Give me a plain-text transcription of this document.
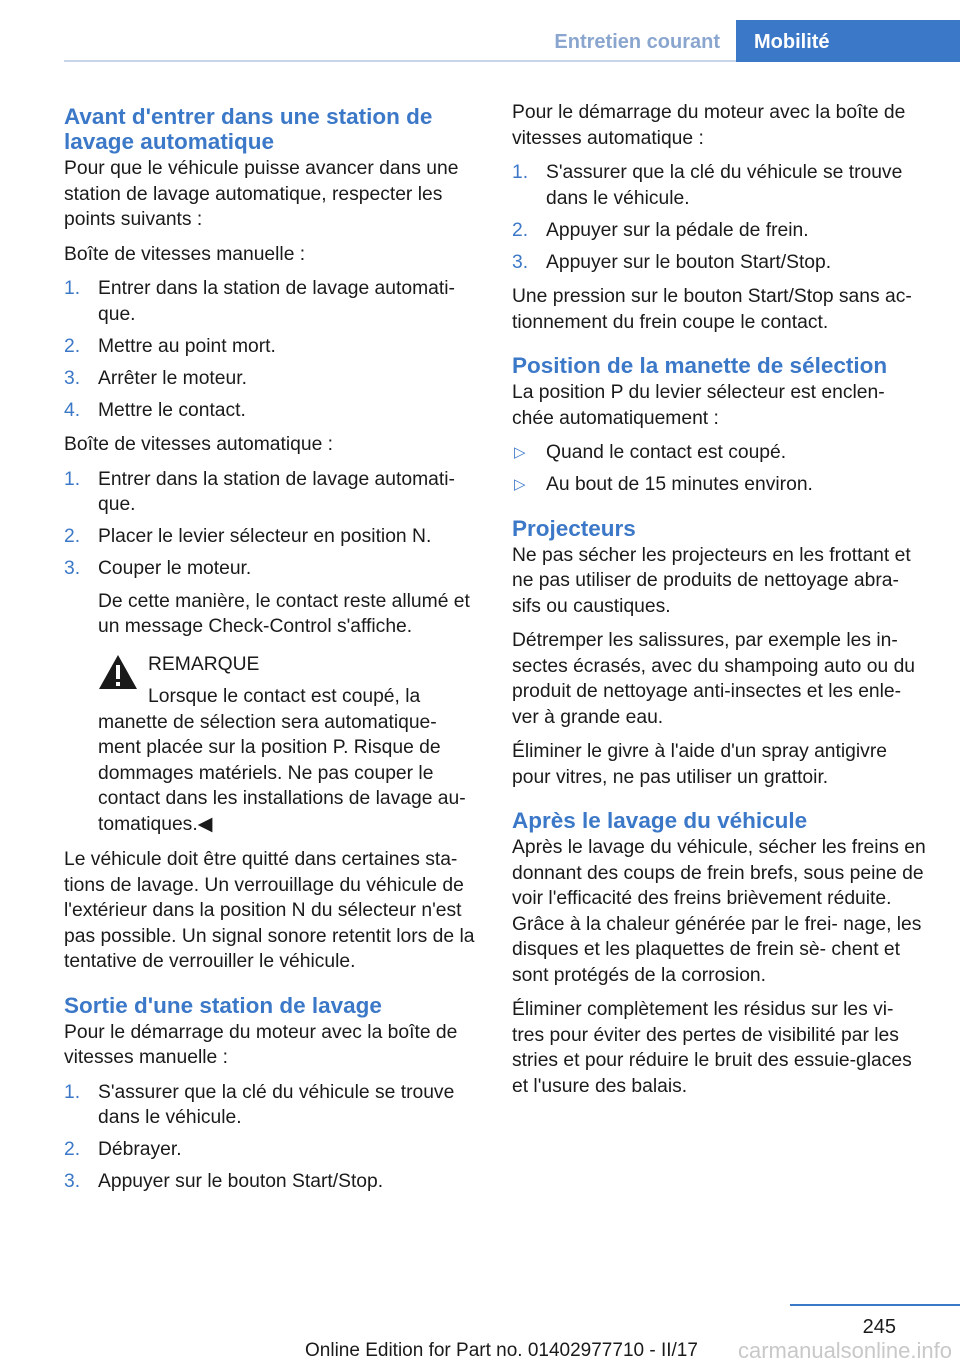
Entretien courant	Mobilité
Avant d'entrer dans une station de lavage automatique

Pour que le véhicule puisse avancer dans une station de lavage automatique, respecter les points suivants :

Boîte de vitesses manuelle :

1. Entrer dans la station de lavage automati‐ que.
2. Mettre au point mort.
3. Arrêter le moteur.
4. Mettre le contact.

Boîte de vitesses automatique :

1. Entrer dans la station de lavage automati‐ que.
2. Placer le levier sélecteur en position N.
3. Couper le moteur.

De cette manière, le contact reste allumé et un message Check-Control s'affiche.

REMARQUE
Lorsque le contact est coupé, la
manette de sélection sera automatique‐ ment placée sur la position P. Risque de dommages matériels. Ne pas couper le contact dans les installations de lavage au‐ tomatiques.◀

Le véhicule doit être quitté dans certaines sta‐ tions de lavage. Un verrouillage du véhicule de l'extérieur dans la position N du sélecteur n'est pas possible. Un signal sonore retentit lors de la tentative de verrouiller le véhicule.

Sortie d'une station de lavage

Pour le démarrage du moteur avec la boîte de vitesses manuelle :

1. S'assurer que la clé du véhicule se trouve dans le véhicule.
2. Débrayer.
3. Appuyer sur le bouton Start/Stop.

Pour le démarrage du moteur avec la boîte de vitesses automatique :

1. S'assurer que la clé du véhicule se trouve dans le véhicule.
2. Appuyer sur la pédale de frein.
3. Appuyer sur le bouton Start/Stop.

Une pression sur le bouton Start/Stop sans ac‐ tionnement du frein coupe le contact.

Position de la manette de sélection

La position P du levier sélecteur est enclen‐ chée automatiquement :

▷ Quand le contact est coupé.
▷ Au bout de 15 minutes environ.
Projecteurs

Ne pas sécher les projecteurs en les frottant et ne pas utiliser de produits de nettoyage abra‐ sifs ou caustiques.

Détremper les salissures, par exemple les in‐ sectes écrasés, avec du shampoing auto ou du produit de nettoyage anti-insectes et les enle‐ ver à grande eau.

Éliminer le givre à l'aide d'un spray antigivre pour vitres, ne pas utiliser un grattoir.

Après le lavage du véhicule

Après le lavage du véhicule, sécher les freins en donnant des coups de frein brefs, sous peine de voir l'efficacité des freins brièvement réduite. Grâce à la chaleur générée par le frei‐ nage, les disques et les plaquettes de frein sè‐ chent et sont protégés de la corrosion.

Éliminer complètement les résidus sur les vi‐ tres pour éviter des pertes de visibilité par les stries et pour réduire le bruit des essuie-glaces et l'usure des balais.

245
Online Edition for Part no. 01402977710 - II/17 carmanualsonline.info
